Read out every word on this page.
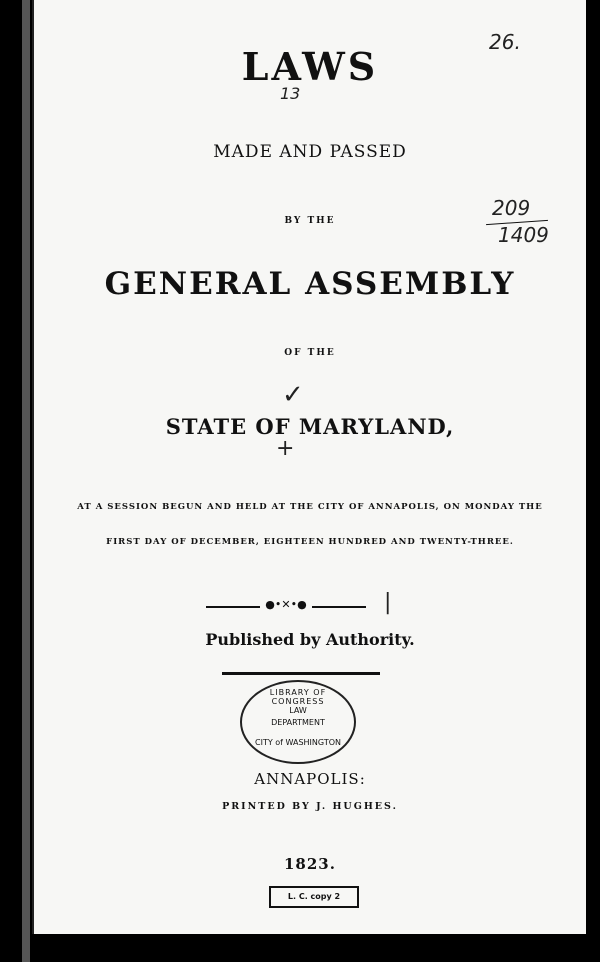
26.
13
209
1409
LAWS
MADE AND PASSED
BY THE
GENERAL ASSEMBLY
OF THE
✓
STATE OF MARYLAND,
+
AT A SESSION BEGUN AND HELD AT THE CITY OF ANNAPOLIS, ON MONDAY THE
FIRST DAY OF DECEMBER, EIGHTEEN HUNDRED AND TWENTY-THREE.
●•✕•●	|
Published by Authority.
LIBRARY OF CONGRESS
LAW
DEPARTMENT
CITY of WASHINGTON
ANNAPOLIS:
PRINTED BY J. HUGHES.
1823.
L. C. copy 2
